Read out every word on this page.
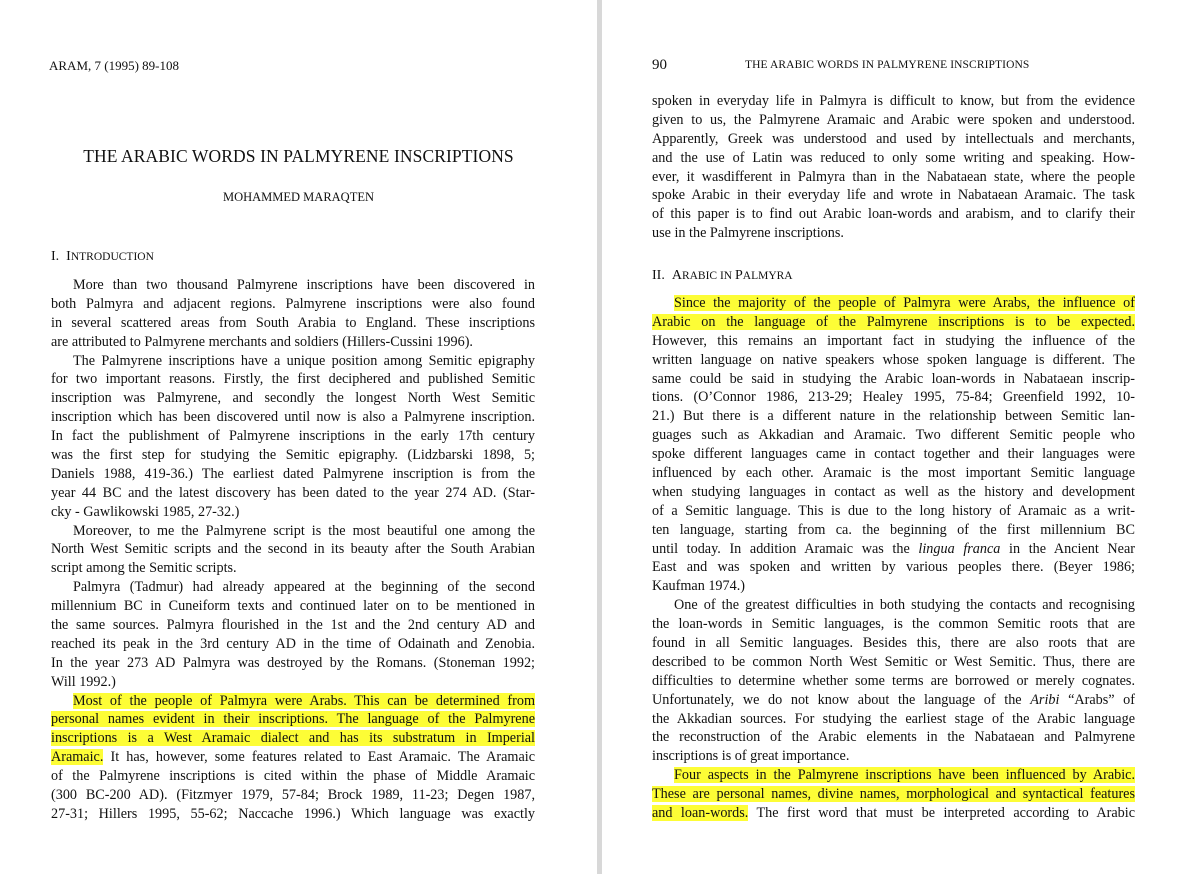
ARAM, 7 (1995) 89-108
THE ARABIC WORDS IN PALMYRENE INSCRIPTIONS
MOHAMMED MARAQTEN
I. INTRODUCTION
More than two thousand Palmyrene inscriptions have been discovered in
both Palmyra and adjacent regions. Palmyrene inscriptions were also found
in several scattered areas from South Arabia to England. These inscriptions
are attributed to Palmyrene merchants and soldiers (Hillers-Cussini 1996).
The Palmyrene inscriptions have a unique position among Semitic epigraphy
for two important reasons. Firstly, the first deciphered and published Semitic
inscription was Palmyrene, and secondly the longest North West Semitic
inscription which has been discovered until now is also a Palmyrene inscription.
In fact the publishment of Palmyrene inscriptions in the early 17th century
was the first step for studying the Semitic epigraphy. (Lidzbarski 1898, 5;
Daniels 1988, 419-36.) The earliest dated Palmyrene inscription is from the
year 44 BC and the latest discovery has been dated to the year 274 AD. (Star-
cky - Gawlikowski 1985, 27-32.)
Moreover, to me the Palmyrene script is the most beautiful one among the
North West Semitic scripts and the second in its beauty after the South Arabian
script among the Semitic scripts.
Palmyra (Tadmur) had already appeared at the beginning of the second
millennium BC in Cuneiform texts and continued later on to be mentioned in
the same sources. Palmyra flourished in the 1st and the 2nd century AD and
reached its peak in the 3rd century AD in the time of Odainath and Zenobia.
In the year 273 AD Palmyra was destroyed by the Romans. (Stoneman 1992;
Will 1992.)
Most of the people of Palmyra were Arabs. This can be determined from
personal names evident in their inscriptions. The language of the Palmyrene
inscriptions is a West Aramaic dialect and has its substratum in Imperial
Aramaic. It has, however, some features related to East Aramaic. The Aramaic
of the Palmyrene inscriptions is cited within the phase of Middle Aramaic
(300 BC-200 AD). (Fitzmyer 1979, 57-84; Brock 1989, 11-23; Degen 1987,
27-31; Hillers 1995, 55-62; Naccache 1996.) Which language was exactly
90	THE ARABIC WORDS IN PALMYRENE INSCRIPTIONS
spoken in everyday life in Palmyra is difficult to know, but from the evidence
given to us, the Palmyrene Aramaic and Arabic were spoken and understood.
Apparently, Greek was understood and used by intellectuals and merchants,
and the use of Latin was reduced to only some writing and speaking. How-
ever, it wasdifferent in Palmyra than in the Nabataean state, where the people
spoke Arabic in their everyday life and wrote in Nabataean Aramaic. The task
of this paper is to find out Arabic loan-words and arabism, and to clarify their
use in the Palmyrene inscriptions.
II. ARABIC IN PALMYRA
Since the majority of the people of Palmyra were Arabs, the influence of
Arabic on the language of the Palmyrene inscriptions is to be expected.
However, this remains an important fact in studying the influence of the
written language on native speakers whose spoken language is different. The
same could be said in studying the Arabic loan-words in Nabataean inscrip-
tions. (O’Connor 1986, 213-29; Healey 1995, 75-84; Greenfield 1992, 10-
21.) But there is a different nature in the relationship between Semitic lan-
guages such as Akkadian and Aramaic. Two different Semitic people who
spoke different languages came in contact together and their languages were
influenced by each other. Aramaic is the most important Semitic language
when studying languages in contact as well as the history and development
of a Semitic language. This is due to the long history of Aramaic as a writ-
ten language, starting from ca. the beginning of the first millennium BC
until today. In addition Aramaic was the lingua franca in the Ancient Near
East and was spoken and written by various peoples there. (Beyer 1986;
Kaufman 1974.)
One of the greatest difficulties in both studying the contacts and recognising
the loan-words in Semitic languages, is the common Semitic roots that are
found in all Semitic languages. Besides this, there are also roots that are
described to be common North West Semitic or West Semitic. Thus, there are
difficulties to determine whether some terms are borrowed or merely cognates.
Unfortunately, we do not know about the language of the Aribi “Arabs” of
the Akkadian sources. For studying the earliest stage of the Arabic language
the reconstruction of the Arabic elements in the Nabataean and Palmyrene
inscriptions is of great importance.
Four aspects in the Palmyrene inscriptions have been influenced by Arabic.
These are personal names, divine names, morphological and syntactical features
and loan-words. The first word that must be interpreted according to Arabic
